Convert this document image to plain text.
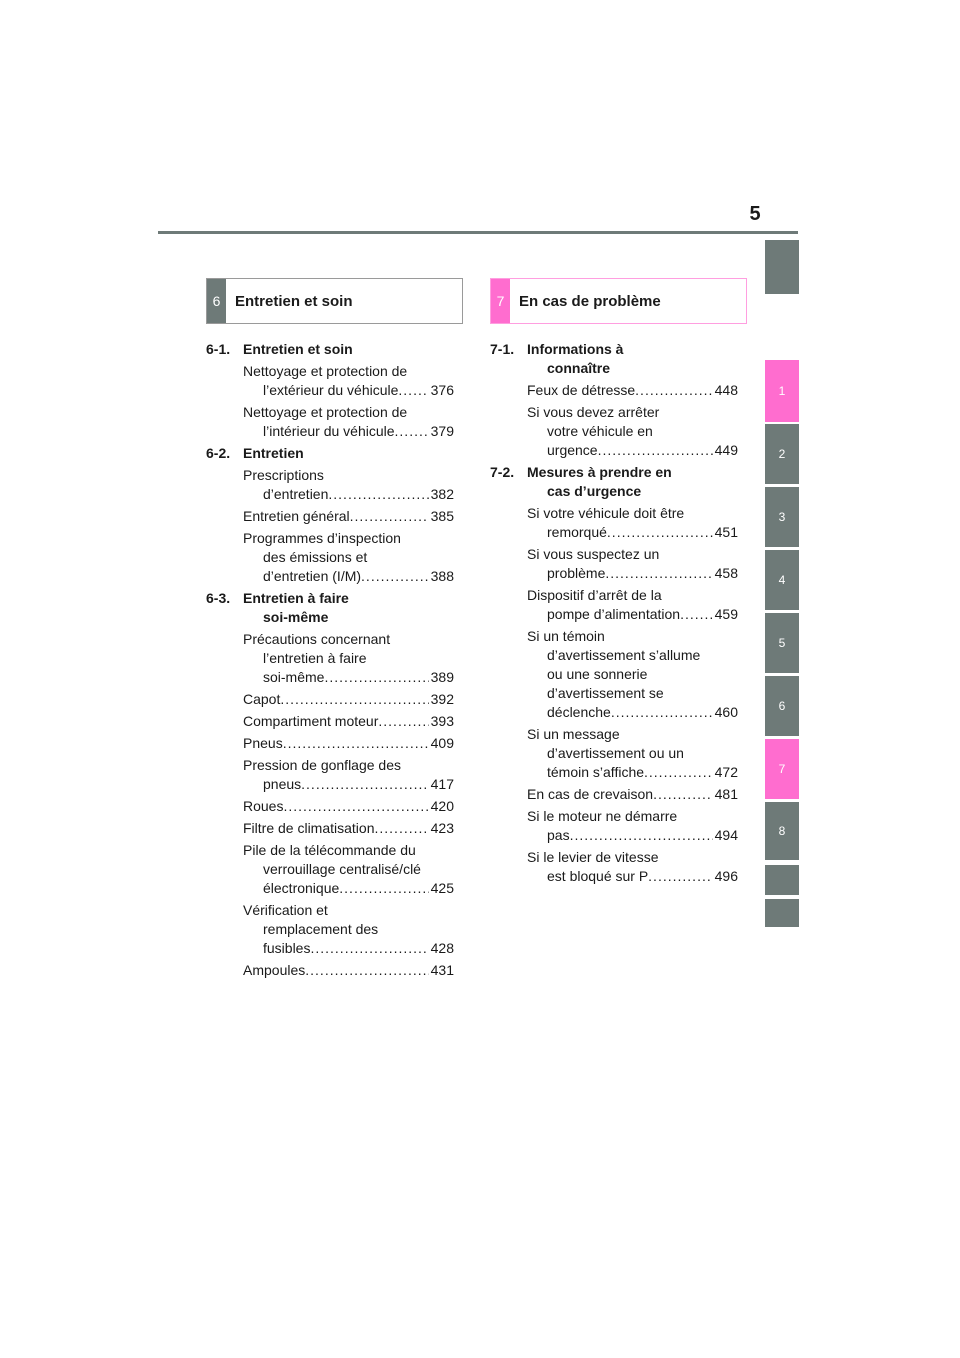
5
1
2
3
4
5
6
7
8
6 Entretien et soin	7 En cas de problème
6-1. Entretien et soin
Nettoyage et protection de
l’extérieur du véhicule ..... 376
Nettoyage et protection de
l’intérieur du véhicule .....	379
6-2. Entretien
Prescriptions
d’entretien .....	382
Entretien général .....	385
Programmes d’inspection
des émissions et
d’entretien (I/M) .....	388
6-3. Entretien à faire
soi-même
Précautions concernant
l’entretien à faire
soi-même .....	389
Capot .....	392
Compartiment moteur .....	393
Pneus .....	409
Pression de gonflage des
pneus .....	417
Roues .....	420
Filtre de climatisation .....	423
Pile de la télécommande du
verrouillage centralisé/clé
électronique .....	425
Vérification et
remplacement des
fusibles .....	428
Ampoules .....	431
7-1. Informations à
connaître
Feux de détresse .....	448
Si vous devez arrêter
votre véhicule en
urgence .....	449
7-2. Mesures à prendre en
cas d’urgence
Si votre véhicule doit être
remorqué .....	451
Si vous suspectez un
problème .....	458
Dispositif d’arrêt de la
pompe d’alimentation ..... 459
Si un témoin
d’avertissement s’allume
ou une sonnerie
d’avertissement se
déclenche .....	460
Si un message
d’avertissement ou un
témoin s’affiche .....	472
En cas de crevaison .....	481
Si le moteur ne démarre
pas .....	494
Si le levier de vitesse
est bloqué sur P .....	496
